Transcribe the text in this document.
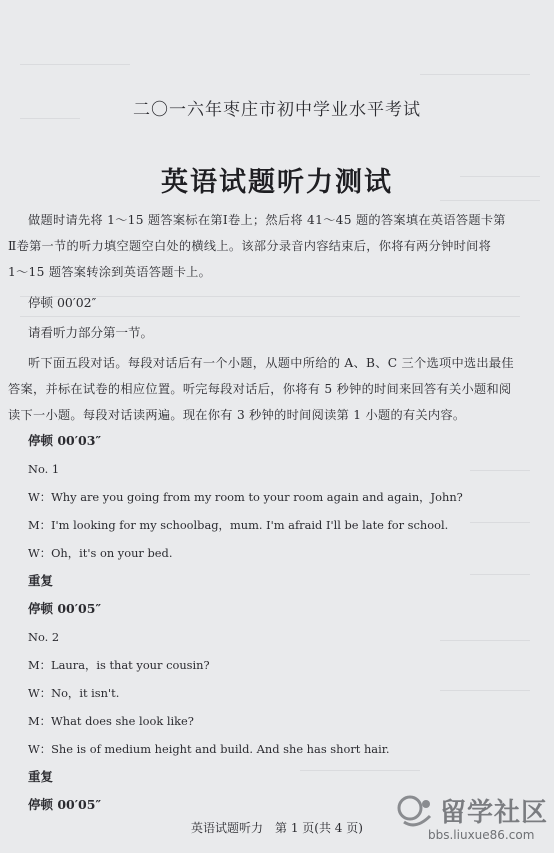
二〇一六年枣庄市初中学业水平考试
英语试题听力测试
做题时请先将 1～15 题答案标在第Ⅰ卷上；然后将 41～45 题的答案填在英语答题卡第
Ⅱ卷第一节的听力填空题空白处的横线上。该部分录音内容结束后，你将有两分钟时间将
1～15 题答案转涂到英语答题卡上。
停顿 00′02″
请看听力部分第一节。
听下面五段对话。每段对话后有一个小题，从题中所给的 A、B、C 三个选项中选出最佳
答案，并标在试卷的相应位置。听完每段对话后，你将有 5 秒钟的时间来回答有关小题和阅
读下一小题。每段对话读两遍。现在你有 3 秒钟的时间阅读第 1 小题的有关内容。
停顿 00′03″
No. 1
W：Why are you going from my room to your room again and again，John?
M：I'm looking for my schoolbag，mum. I'm afraid I'll be late for school.
W：Oh，it's on your bed.
重复
停顿 00′05″
No. 2
M：Laura，is that your cousin?
W：No，it isn't.
M：What does she look like?
W：She is of medium height and build. And she has short hair.
重复
停顿 00′05″
英语试题听力　第 1 页(共 4 页)	留学社区
bbs.liuxue86.com
